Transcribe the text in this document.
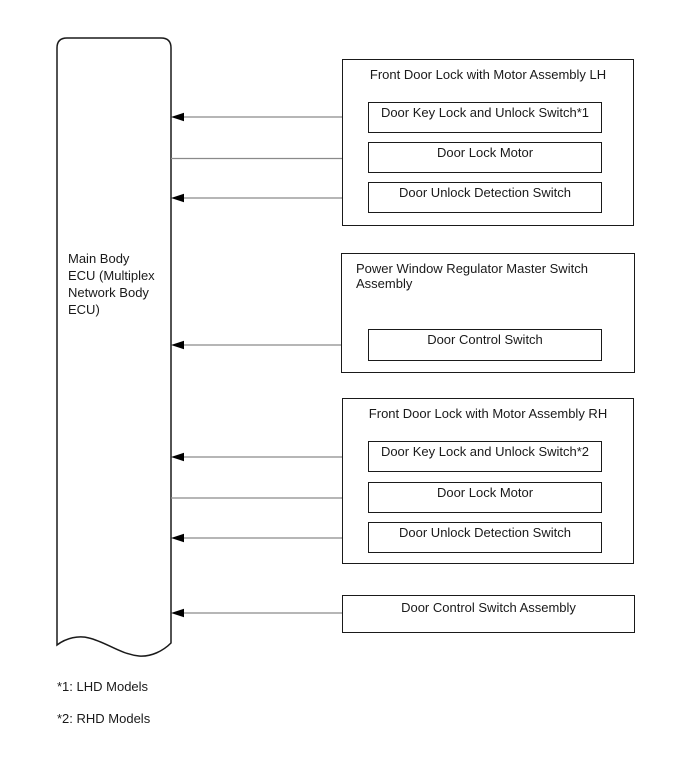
Main Body
ECU (Multiplex
Network Body
ECU)
Front Door Lock with Motor Assembly LH
Door Key Lock and Unlock Switch*1
Door Lock Motor
Door Unlock Detection Switch
Power Window Regulator Master Switch Assembly
Door Control Switch
Front Door Lock with Motor Assembly RH
Door Key Lock and Unlock Switch*2
Door Lock Motor
Door Unlock Detection Switch
Door Control Switch Assembly
*1: LHD Models
*2: RHD Models
